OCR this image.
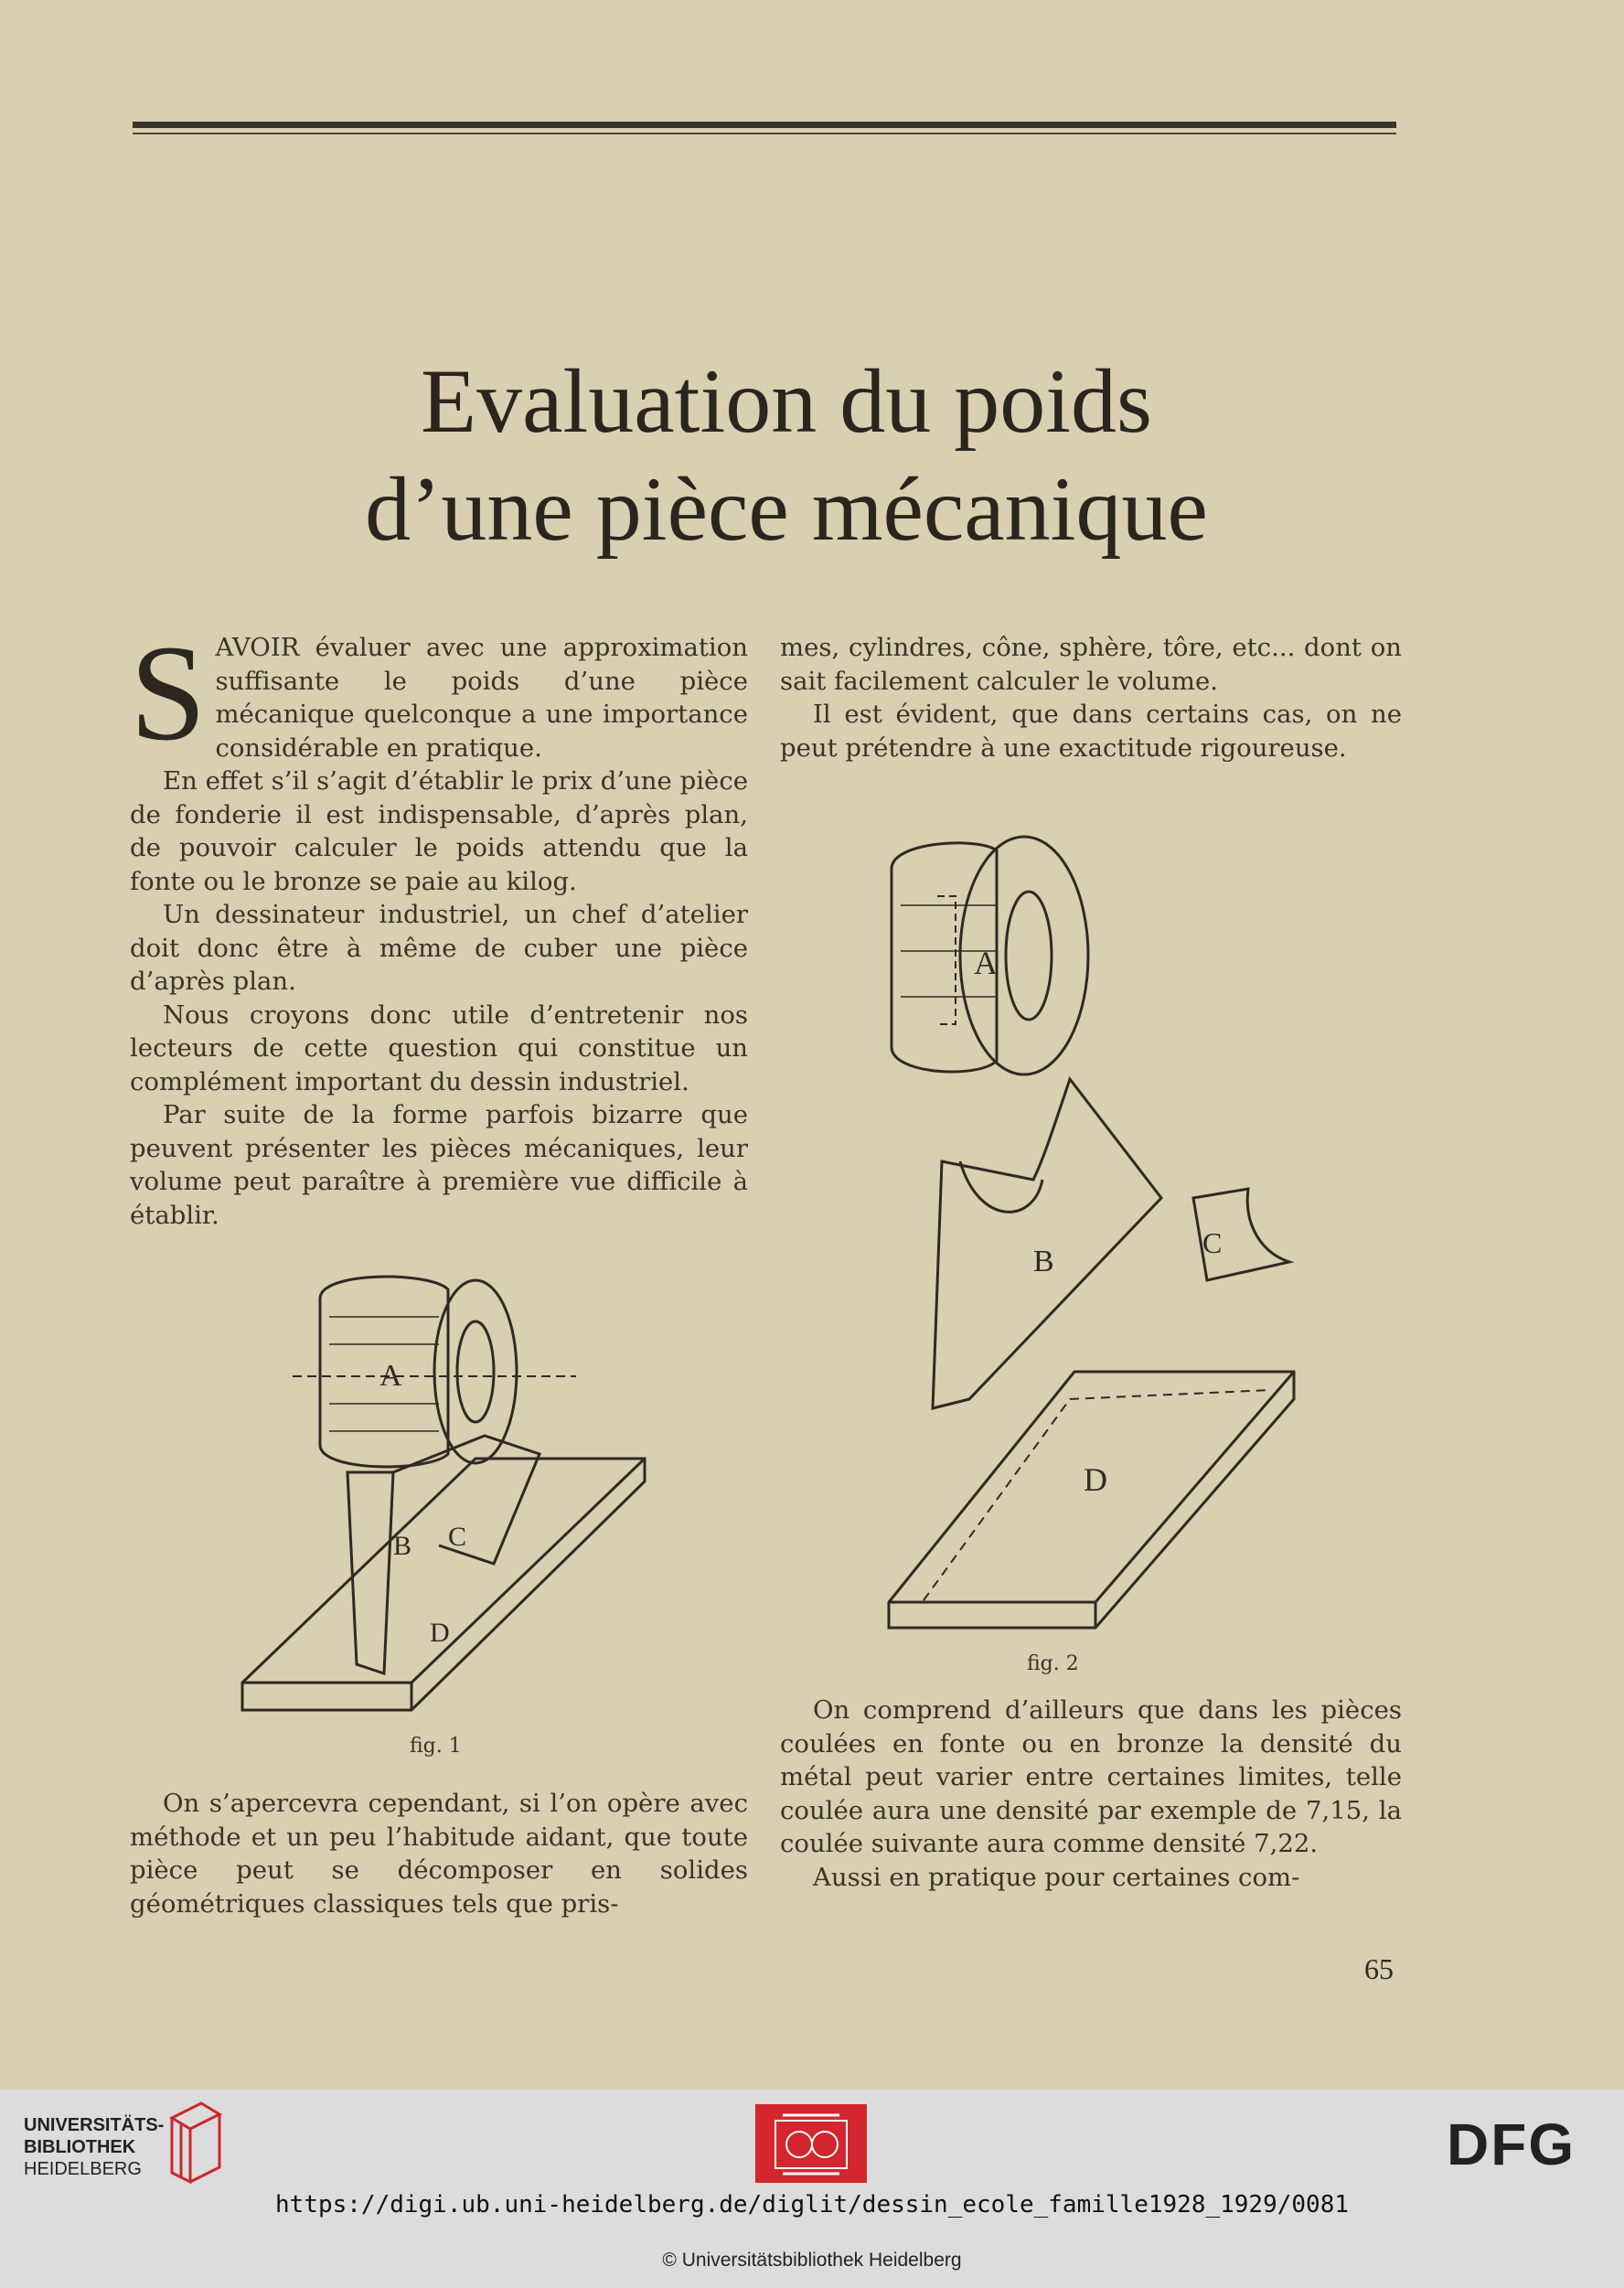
Evaluation du poids
d’une pièce mécanique

SAVOIR évaluer avec une approximation suffisante le poids d’une pièce mécanique quelconque a une importance considérable en pratique.

En effet s’il s’agit d’établir le prix d’une pièce de fonderie il est indispensable, d’après plan, de pouvoir calculer le poids attendu que la fonte ou le bronze se paie au kilog.

Un dessinateur industriel, un chef d’atelier doit donc être à même de cuber une pièce d’après plan.

Nous croyons donc utile d’entretenir nos lecteurs de cette question qui constitue un complément important du dessin industriel.

Par suite de la forme parfois bizarre que peuvent présenter les pièces mécaniques, leur volume peut paraître à première vue difficile à établir.

mes, cylindres, cône, sphère, tôre, etc... dont on sait facilement calculer le volume.

Il est évident, que dans certains cas, on ne peut prétendre à une exactitude rigoureuse.

A
B C
D
fig. 1
A
B
C
D
fig. 2

On s’apercevra cependant, si l’on opère avec méthode et un peu l’habitude aidant, que toute pièce peut se décomposer en solides géométriques classiques tels que pris-

On comprend d’ailleurs que dans les pièces coulées en fonte ou en bronze la densité du métal peut varier entre certaines limites, telle coulée aura une densité par exemple de 7,15, la coulée suivante aura comme densité 7,22.

Aussi en pratique pour certaines com-

65
UNIVERSITÄTS-
BIBLIOTHEK
HEIDELBERG	DFG
https://digi.ub.uni-heidelberg.de/diglit/dessin_ecole_famille1928_1929/0081
© Universitätsbibliothek Heidelberg
